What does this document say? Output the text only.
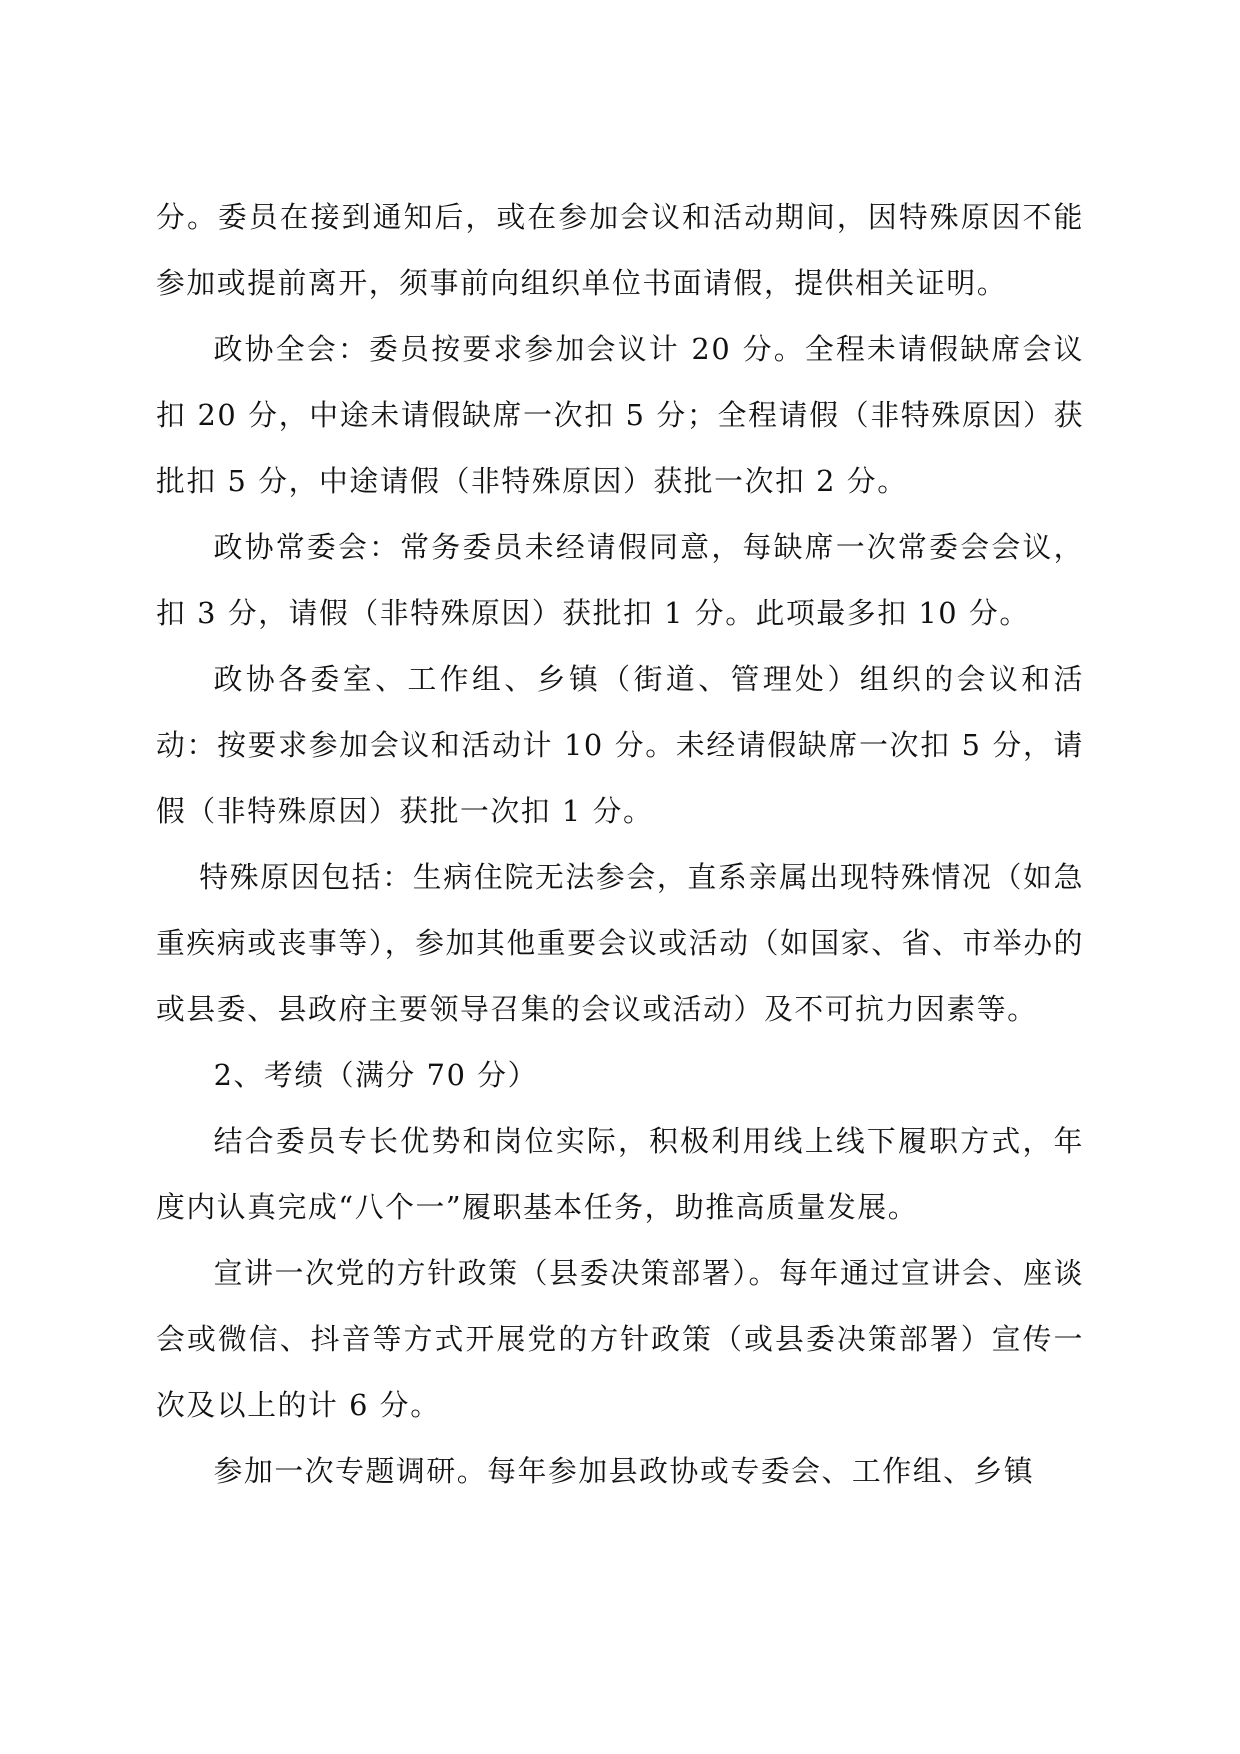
分。委员在接到通知后，或在参加会议和活动期间，因特殊原因不能参加或提前离开，须事前向组织单位书面请假，提供相关证明。

政协全会：委员按要求参加会议计 20 分。全程未请假缺席会议扣 20 分，中途未请假缺席一次扣 5 分；全程请假（非特殊原因）获批扣 5 分，中途请假（非特殊原因）获批一次扣 2 分。

政协常委会：常务委员未经请假同意，每缺席一次常委会会议，扣 3 分，请假（非特殊原因）获批扣 1 分。此项最多扣 10 分。

政协各委室、工作组、乡镇（街道、管理处）组织的会议和活动：按要求参加会议和活动计 10 分。未经请假缺席一次扣 5 分，请假（非特殊原因）获批一次扣 1 分。

特殊原因包括：生病住院无法参会，直系亲属出现特殊情况（如急重疾病或丧事等），参加其他重要会议或活动（如国家、省、市举办的或县委、县政府主要领导召集的会议或活动）及不可抗力因素等。

2、考绩（满分 70 分）

结合委员专长优势和岗位实际，积极利用线上线下履职方式，年度内认真完成“八个一”履职基本任务，助推高质量发展。

宣讲一次党的方针政策（县委决策部署）。每年通过宣讲会、座谈会或微信、抖音等方式开展党的方针政策（或县委决策部署）宣传一次及以上的计 6 分。

参加一次专题调研。每年参加县政协或专委会、工作组、乡镇
